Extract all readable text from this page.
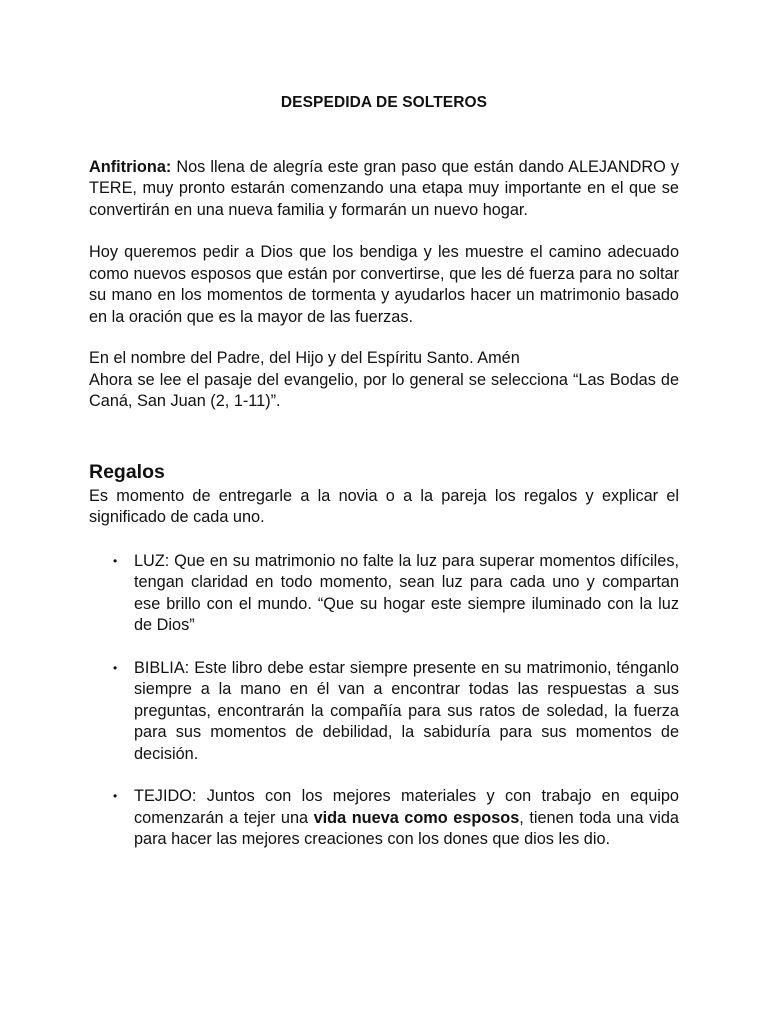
DESPEDIDA DE SOLTEROS

Anfitriona: Nos llena de alegría este gran paso que están dando ALEJANDRO y TERE, muy pronto estarán comenzando una etapa muy importante en el que se convertirán en una nueva familia y formarán un nuevo hogar.

Hoy queremos pedir a Dios que los bendiga y les muestre el camino adecuado como nuevos esposos que están por convertirse, que les dé fuerza para no soltar su mano en los momentos de tormenta y ayudarlos hacer un matrimonio basado en la oración que es la mayor de las fuerzas.

En el nombre del Padre, del Hijo y del Espíritu Santo. Amén

Ahora se lee el pasaje del evangelio, por lo general se selecciona “Las Bodas de Caná, San Juan (2, 1-11)”.

Regalos

Es momento de entregarle a la novia o a la pareja los regalos y explicar el significado de cada uno.

• LUZ: Que en su matrimonio no falte la luz para superar momentos difíciles, tengan claridad en todo momento, sean luz para cada uno y compartan ese brillo con el mundo. “Que su hogar este siempre iluminado con la luz de Dios”
• BIBLIA: Este libro debe estar siempre presente en su matrimonio, ténganlo siempre a la mano en él van a encontrar todas las respuestas a sus preguntas, encontrarán la compañía para sus ratos de soledad, la fuerza para sus momentos de debilidad, la sabiduría para sus momentos de decisión.
• TEJIDO: Juntos con los mejores materiales y con trabajo en equipo comenzarán a tejer una vida nueva como esposos, tienen toda una vida para hacer las mejores creaciones con los dones que dios les dio.
